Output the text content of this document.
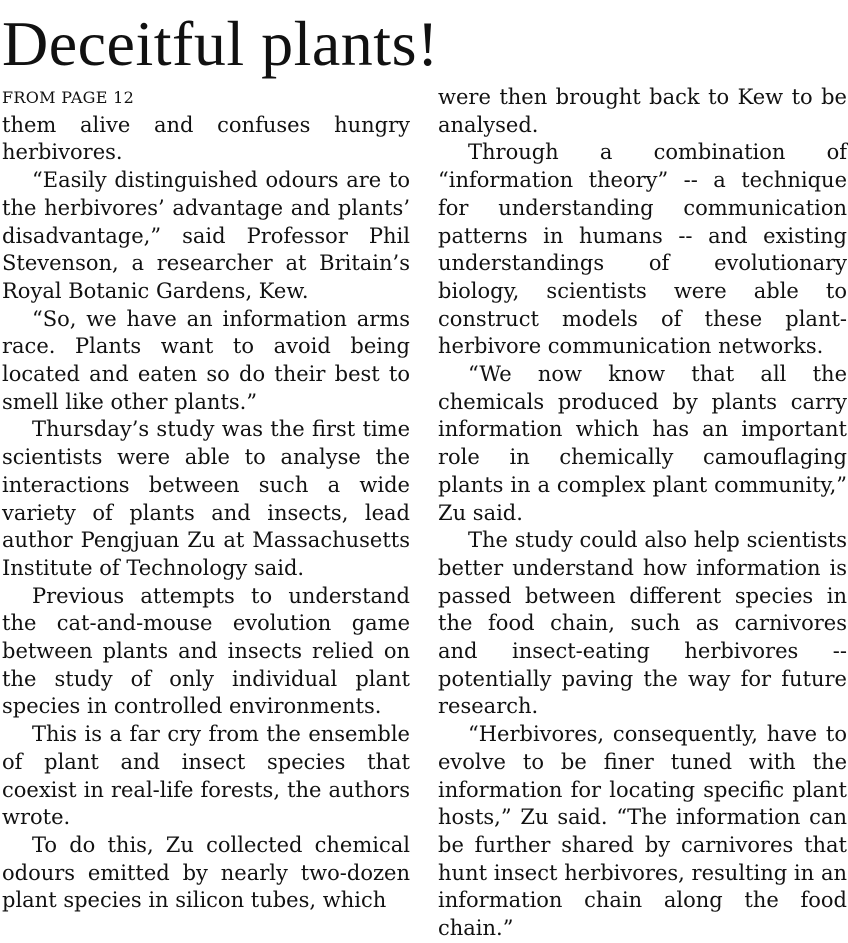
Deceitful plants!
FROM PAGE 12

them alive and confuses hungry herbivores.

“Easily distinguished odours are to the herbivores’ advantage and plants’ disadvantage,” said Professor Phil Stevenson, a researcher at Britain’s Royal Botanic Gardens, Kew.

“So, we have an information arms race. Plants want to avoid being located and eaten so do their best to smell like other plants.”

Thursday’s study was the first time scientists were able to analyse the interactions between such a wide variety of plants and insects, lead author Pengjuan Zu at Massachusetts Institute of Technology said.

Previous attempts to understand the cat-and-mouse evolution game between plants and insects relied on the study of only individual plant species in controlled environments.

This is a far cry from the ensemble of plant and insect species that coexist in real-life forests, the authors wrote.

To do this, Zu collected chemical odours emitted by nearly two-dozen plant species in silicon tubes, which

were then brought back to Kew to be analysed.

Through a combination of “information theory” -- a technique for understanding communication patterns in humans -- and existing understandings of evolutionary biology, scientists were able to construct models of these plant-herbivore communication networks.

“We now know that all the chemicals produced by plants carry information which has an important role in chemically camouflaging plants in a complex plant community,” Zu said.

The study could also help scientists better understand how information is passed between different species in the food chain, such as carnivores and insect-eating herbivores -- potentially paving the way for future research.

“Herbivores, consequently, have to evolve to be finer tuned with the information for locating specific plant hosts,” Zu said. “The information can be further shared by carnivores that hunt insect herbivores, resulting in an information chain along the food chain.”
